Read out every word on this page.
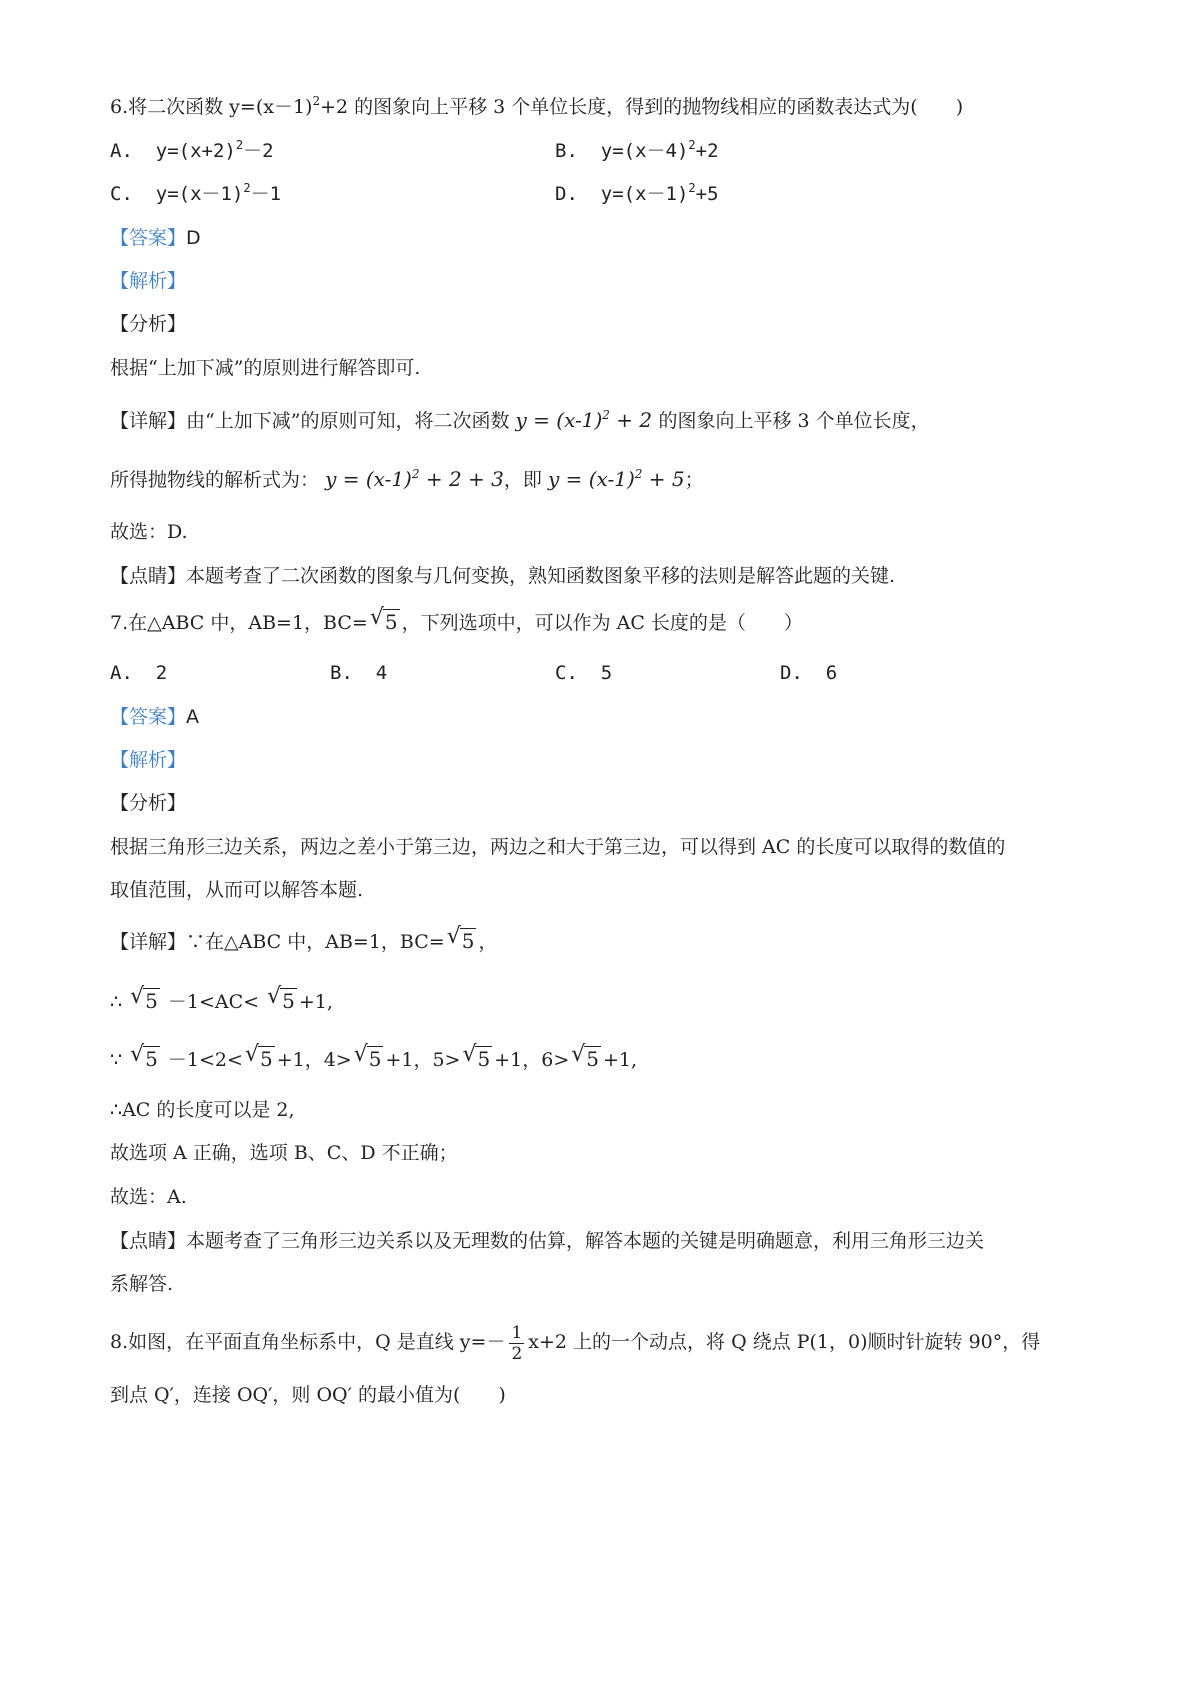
6.将二次函数 $y=(x-1)^2+2$ 的图象向上平移 3 个单位长度，得到的抛物线相应的函数表达式为(　　)
A. $y=(x+2)^2-2$	B. $y=(x-4)^2+2$
C. $y=(x-1)^2-1$	D. $y=(x-1)^2+5$
【答案】D
【解析】
【分析】
根据“上加下减”的原则进行解答即可.
【详解】由“上加下减”的原则可知，将二次函数 $y = (x-1)^2 + 2$ 的图象向上平移 3 个单位长度，
所得抛物线的解析式为： $y = (x-1)^2 + 2 + 3$，即 $y = (x-1)^2 + 5$；
故选：D.
【点睛】本题考查了二次函数的图象与几何变换，熟知函数图象平移的法则是解答此题的关键.
7.在△ABC 中，AB=1，BC= √ 5 ，下列选项中，可以作为 AC 长度的是（　　）
A. 2	B. 4	C. 5	D. 6
【答案】A
【解析】
【分析】
根据三角形三边关系，两边之差小于第三边，两边之和大于第三边，可以得到 AC 的长度可以取得的数值的
取值范围，从而可以解答本题.
【详解】∵在△ABC 中，AB=1，BC= √ 5 ，
∴ √ 5 －1<AC< √ 5 +1,
∵ √ 5 －1<2< √ 5 +1，4> √ 5 +1，5> √ 5 +1，6> √ 5 +1,
∴AC 的长度可以是 2,
故选项 A 正确，选项 B、C、D 不正确；
故选：A.
【点睛】本题考查了三角形三边关系以及无理数的估算，解答本题的关键是明确题意，利用三角形三边关
系解答.
8.如图，在平面直角坐标系中，Q 是直线 $y=- \frac{1}{2} x+2$ 上的一个动点，将 Q 绕点 P(1，0)顺时针旋转 90°，得
到点 Q′，连接 OQ′，则 OQ′ 的最小值为(　　)
